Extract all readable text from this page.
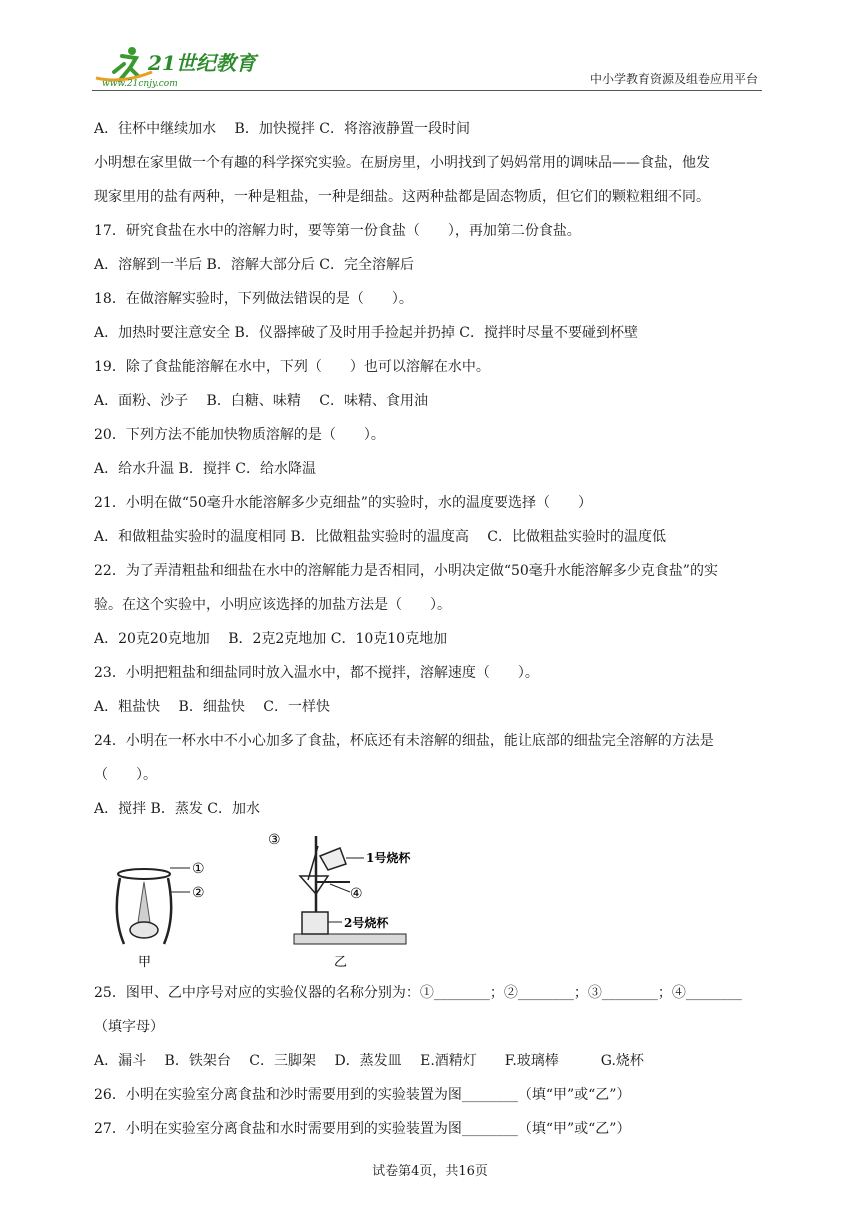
21世纪教育
www.21cnjy.com	中小学教育资源及组卷应用平台
A．往杯中继续加水　 B．加快搅拌 C．将溶液静置一段时间
小明想在家里做一个有趣的科学探究实验。在厨房里，小明找到了妈妈常用的调味品——食盐，他发
现家里用的盐有两种，一种是粗盐，一种是细盐。这两种盐都是固态物质，但它们的颗粒粗细不同。
17．研究食盐在水中的溶解力时，要等第一份食盐（　　），再加第二份食盐。
A．溶解到一半后 B．溶解大部分后 C．完全溶解后
18．在做溶解实验时，下列做法错误的是（　　）。
A．加热时要注意安全 B．仪器摔破了及时用手捡起并扔掉 C．搅拌时尽量不要碰到杯壁
19．除了食盐能溶解在水中，下列（　　）也可以溶解在水中。
A．面粉、沙子　 B．白糖、味精　 C．味精、食用油
20．下列方法不能加快物质溶解的是（　　）。
A．给水升温 B．搅拌 C．给水降温
21．小明在做“50毫升水能溶解多少克细盐”的实验时，水的温度要选择（　　）
A．和做粗盐实验时的温度相同 B．比做粗盐实验时的温度高　 C．比做粗盐实验时的温度低
22．为了弄清粗盐和细盐在水中的溶解能力是否相同，小明决定做“50毫升水能溶解多少克食盐”的实
验。在这个实验中，小明应该选择的加盐方法是（　　）。
A．20克20克地加　 B．2克2克地加 C．10克10克地加
23．小明把粗盐和细盐同时放入温水中，都不搅拌，溶解速度（　　）。
A．粗盐快　 B．细盐快　 C．一样快
24．小明在一杯水中不小心加多了食盐，杯底还有未溶解的细盐，能让底部的细盐完全溶解的方法是
（　　）。
A．搅拌 B．蒸发 C．加水
①
②
甲
③
④
1号烧杯
2号烧杯
乙
25．图甲、乙中序号对应的实验仪器的名称分别为：①________；②________；③________；④________
（填字母）
A．漏斗　 B．铁架台　 C．三脚架　 D．蒸发皿　 E.酒精灯　　F.玻璃棒　　　G.烧杯
26．小明在实验室分离食盐和沙时需要用到的实验装置为图________（填“甲”或“乙”）
27．小明在实验室分离食盐和水时需要用到的实验装置为图________（填“甲”或“乙”）
试卷第4页，共16页
